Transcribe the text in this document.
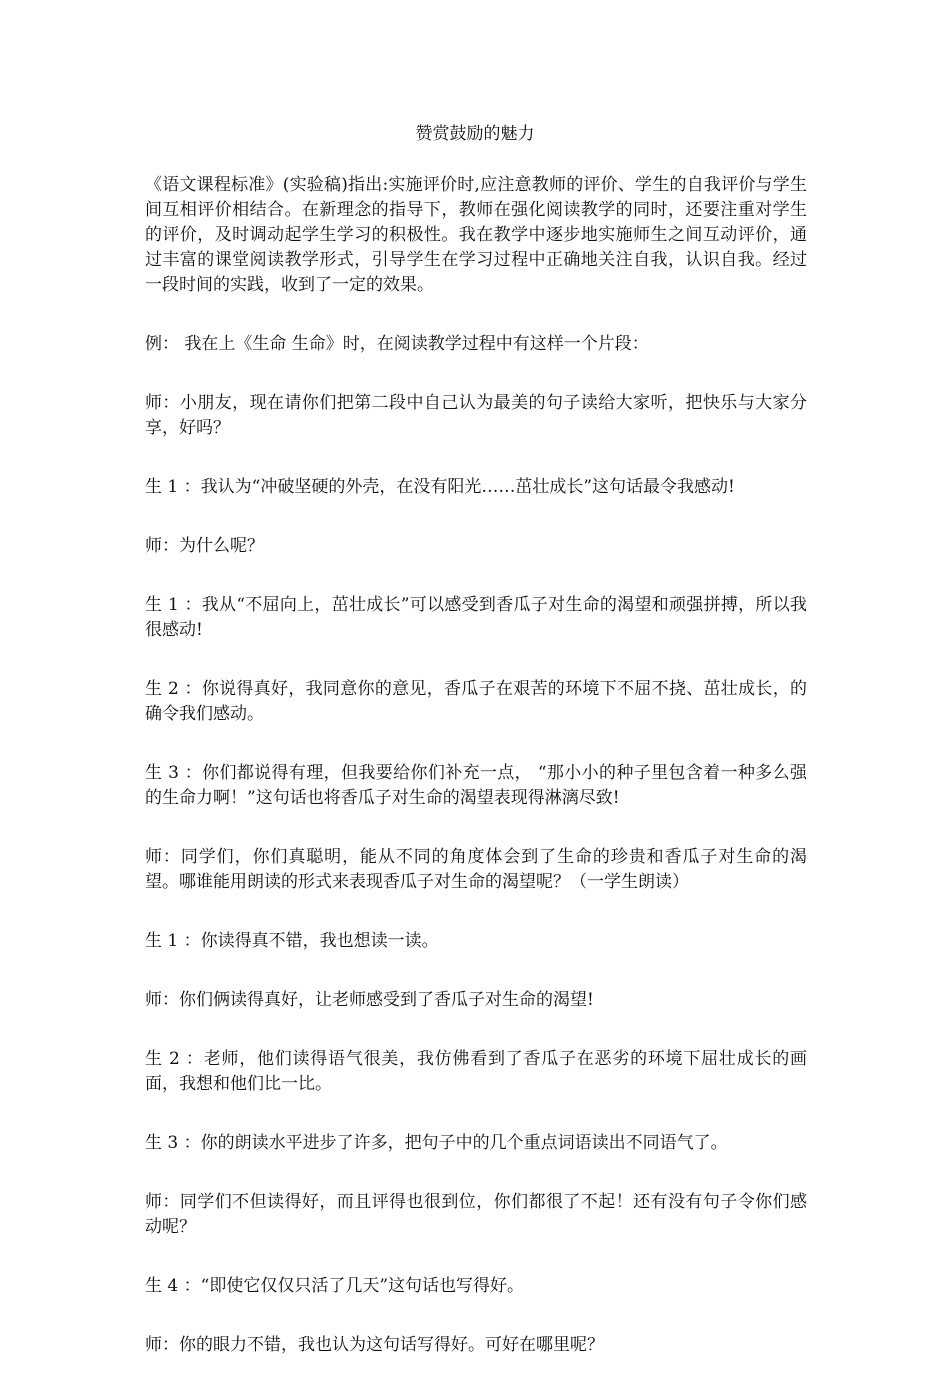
赞赏鼓励的魅力

《语文课程标准》(实验稿)指出:实施评价时,应注意教师的评价、学生的自我评价与学生间互相评价相结合。在新理念的指导下，教师在强化阅读教学的同时，还要注重对学生的评价，及时调动起学生学习的积极性。我在教学中逐步地实施师生之间互动评价，通过丰富的课堂阅读教学形式，引导学生在学习过程中正确地关注自我，认识自我。经过一段时间的实践，收到了一定的效果。

例： 我在上《生命 生命》时，在阅读教学过程中有这样一个片段：

师：小朋友，现在请你们把第二段中自己认为最美的句子读给大家听，把快乐与大家分享，好吗？

生 1 ：我认为“冲破坚硬的外壳，在没有阳光……茁壮成长”这句话最令我感动!

师：为什么呢？

生 1 ：我从“不屈向上，茁壮成长”可以感受到香瓜子对生命的渴望和顽强拼搏，所以我很感动!

生 2 ：你说得真好，我同意你的意见，香瓜子在艰苦的环境下不屈不挠、茁壮成长，的确令我们感动。

生 3 ：你们都说得有理，但我要给你们补充一点， “那小小的种子里包含着一种多么强的生命力啊！”这句话也将香瓜子对生命的渴望表现得淋漓尽致!

师：同学们，你们真聪明，能从不同的角度体会到了生命的珍贵和香瓜子对生命的渴望。哪谁能用朗读的形式来表现香瓜子对生命的渴望呢？（一学生朗读）

生 1 ：你读得真不错，我也想读一读。

师：你们俩读得真好，让老师感受到了香瓜子对生命的渴望!

生 2 ：老师，他们读得语气很美，我仿佛看到了香瓜子在恶劣的环境下屈壮成长的画面，我想和他们比一比。

生 3 ：你的朗读水平进步了许多，把句子中的几个重点词语读出不同语气了。

师：同学们不但读得好，而且评得也很到位，你们都很了不起！还有没有句子令你们感动呢？

生 4 ：“即使它仅仅只活了几天”这句话也写得好。

师：你的眼力不错，我也认为这句话写得好。可好在哪里呢？
